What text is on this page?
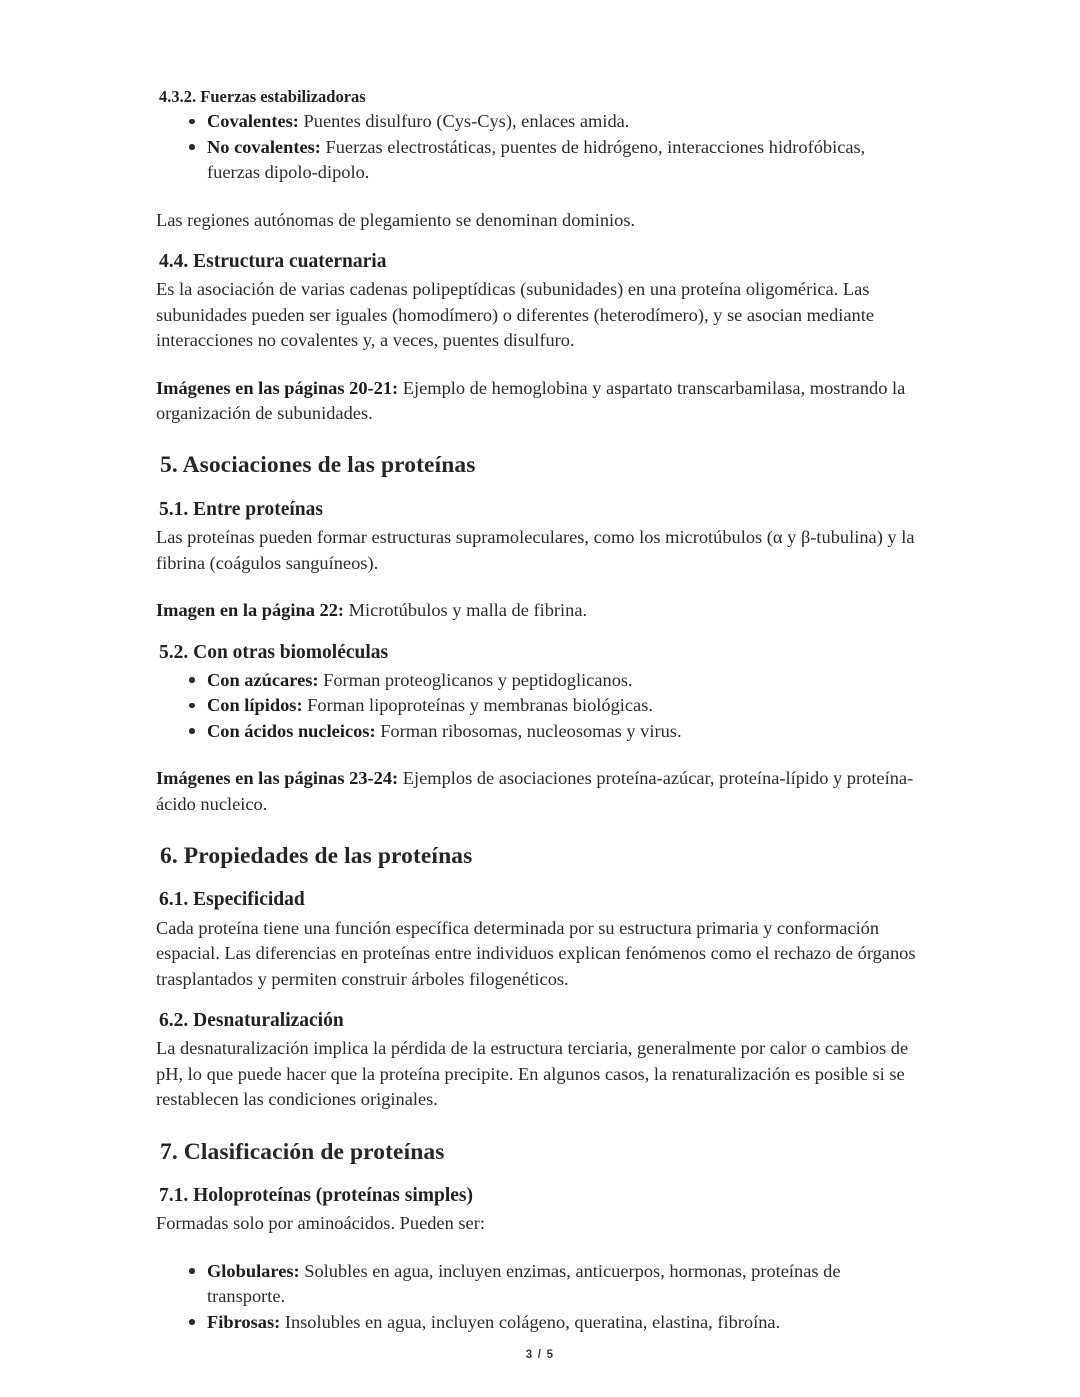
4.3.2. Fuerzas estabilizadoras
Covalentes: Puentes disulfuro (Cys-Cys), enlaces amida.
No covalentes: Fuerzas electrostáticas, puentes de hidrógeno, interacciones hidrofóbicas, fuerzas dipolo-dipolo.

Las regiones autónomas de plegamiento se denominan dominios.

4.4. Estructura cuaternaria

Es la asociación de varias cadenas polipeptídicas (subunidades) en una proteína oligomérica. Las subunidades pueden ser iguales (homodímero) o diferentes (heterodímero), y se asocian mediante interacciones no covalentes y, a veces, puentes disulfuro.

Imágenes en las páginas 20-21: Ejemplo de hemoglobina y aspartato transcarbamilasa, mostrando la organización de subunidades.

5. Asociaciones de las proteínas
5.1. Entre proteínas

Las proteínas pueden formar estructuras supramoleculares, como los microtúbulos (α y β-tubulina) y la fibrina (coágulos sanguíneos).

Imagen en la página 22: Microtúbulos y malla de fibrina.

5.2. Con otras biomoléculas
Con azúcares: Forman proteoglicanos y peptidoglicanos.
Con lípidos: Forman lipoproteínas y membranas biológicas.
Con ácidos nucleicos: Forman ribosomas, nucleosomas y virus.

Imágenes en las páginas 23-24: Ejemplos de asociaciones proteína-azúcar, proteína-lípido y proteína-ácido nucleico.

6. Propiedades de las proteínas
6.1. Especificidad

Cada proteína tiene una función específica determinada por su estructura primaria y conformación espacial. Las diferencias en proteínas entre individuos explican fenómenos como el rechazo de órganos trasplantados y permiten construir árboles filogenéticos.

6.2. Desnaturalización

La desnaturalización implica la pérdida de la estructura terciaria, generalmente por calor o cambios de pH, lo que puede hacer que la proteína precipite. En algunos casos, la renaturalización es posible si se restablecen las condiciones originales.

7. Clasificación de proteínas
7.1. Holoproteínas (proteínas simples)

Formadas solo por aminoácidos. Pueden ser:

Globulares: Solubles en agua, incluyen enzimas, anticuerpos, hormonas, proteínas de transporte.
Fibrosas: Insolubles en agua, incluyen colágeno, queratina, elastina, fibroína.
3 / 5
